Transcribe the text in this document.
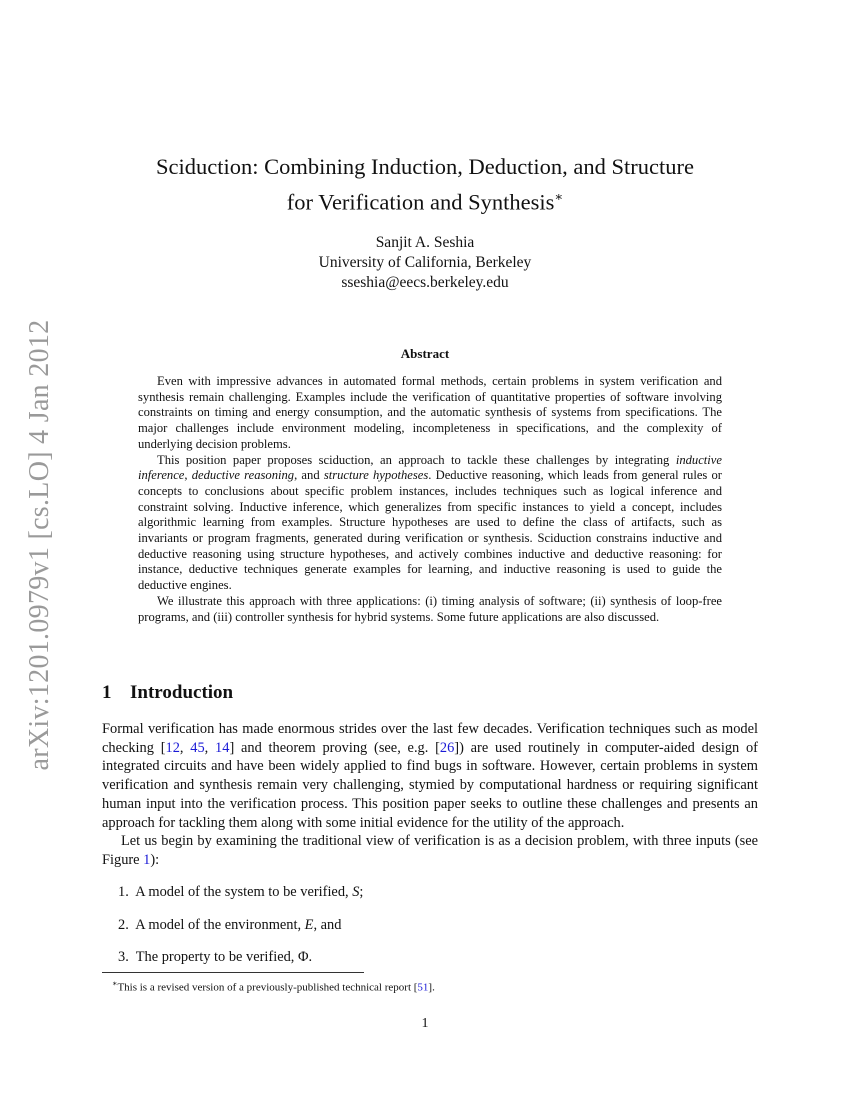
arXiv:1201.0979v1 [cs.LO] 4 Jan 2012
Sciduction: Combining Induction, Deduction, and Structure
for Verification and Synthesis∗
Sanjit A. Seshia
University of California, Berkeley
sseshia@eecs.berkeley.edu
Abstract

Even with impressive advances in automated formal methods, certain problems in system verification and synthesis remain challenging. Examples include the verification of quantitative properties of software involving constraints on timing and energy consumption, and the automatic synthesis of systems from specifications. The major challenges include environment modeling, incompleteness in specifications, and the complexity of underlying decision problems.

This position paper proposes sciduction, an approach to tackle these challenges by integrating inductive inference, deductive reasoning, and structure hypotheses. Deductive reasoning, which leads from general rules or concepts to conclusions about specific problem instances, includes techniques such as logical inference and constraint solving. Inductive inference, which generalizes from specific instances to yield a concept, includes algorithmic learning from examples. Structure hypotheses are used to define the class of artifacts, such as invariants or program fragments, generated during verification or synthesis. Sciduction constrains inductive and deductive reasoning using structure hypotheses, and actively combines inductive and deductive reasoning: for instance, deductive techniques generate examples for learning, and inductive reasoning is used to guide the deductive engines.

We illustrate this approach with three applications: (i) timing analysis of software; (ii) synthesis of loop-free programs, and (iii) controller synthesis for hybrid systems. Some future applications are also discussed.

1 Introduction

Formal verification has made enormous strides over the last few decades. Verification techniques such as model checking [12, 45, 14] and theorem proving (see, e.g. [26]) are used routinely in computer-aided design of integrated circuits and have been widely applied to find bugs in software. However, certain problems in system verification and synthesis remain very challenging, stymied by computational hardness or requiring significant human input into the verification process. This position paper seeks to outline these challenges and presents an approach for tackling them along with some initial evidence for the utility of the approach.

Let us begin by examining the traditional view of verification is as a decision problem, with three inputs (see Figure 1):

1. A model of the system to be verified, S;
2. A model of the environment, E, and
3. The property to be verified, Φ.
∗This is a revised version of a previously-published technical report [51].
1
